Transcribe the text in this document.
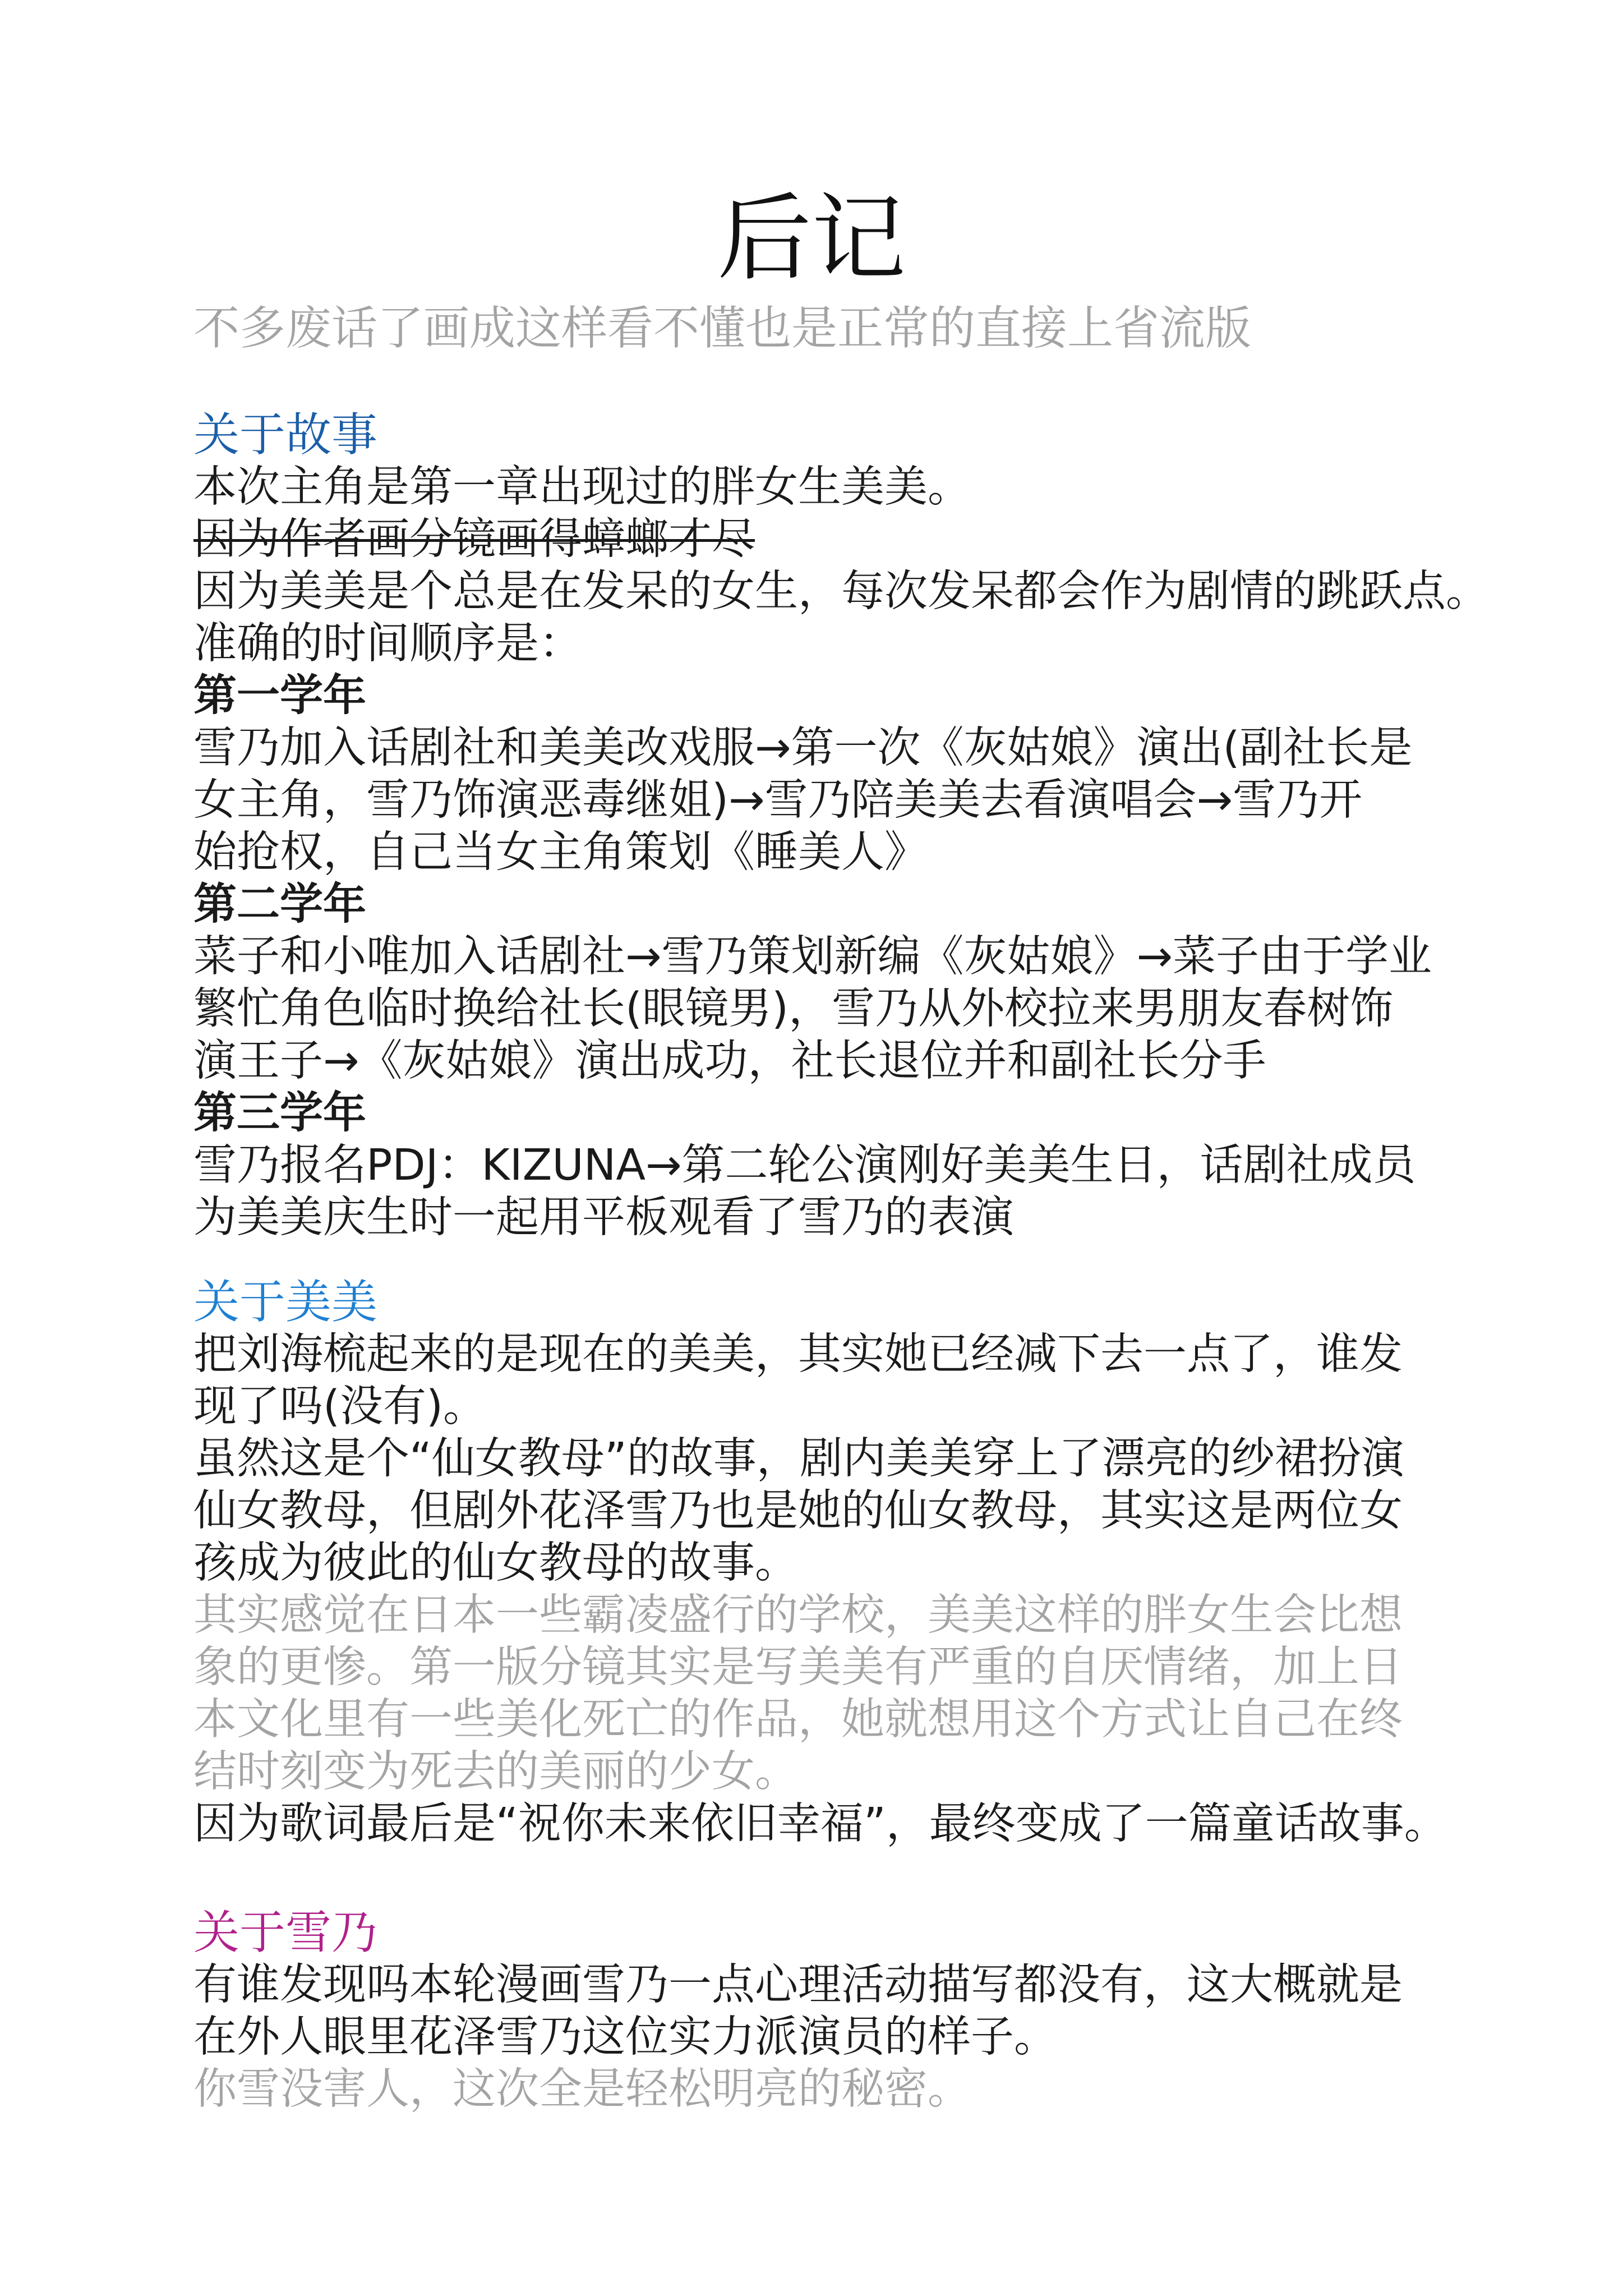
后记
不多废话了画成这样看不懂也是正常的直接上省流版
关于故事
本次主角是第一章出现过的胖女生美美。
因为作者画分镜画得蟑螂才尽
因为美美是个总是在发呆的女生，每次发呆都会作为剧情的跳跃点。
准确的时间顺序是：
第一学年
雪乃加入话剧社和美美改戏服→第一次《灰姑娘》演出(副社长是
女主角，雪乃饰演恶毒继姐)→雪乃陪美美去看演唱会→雪乃开
始抢权，自己当女主角策划《睡美人》
第二学年
菜子和小唯加入话剧社→雪乃策划新编《灰姑娘》→菜子由于学业
繁忙角色临时换给社长(眼镜男)，雪乃从外校拉来男朋友春树饰
演王子→《灰姑娘》演出成功，社长退位并和副社长分手
第三学年
雪乃报名PDJ：KIZUNA→第二轮公演刚好美美生日，话剧社成员
为美美庆生时一起用平板观看了雪乃的表演
关于美美
把刘海梳起来的是现在的美美，其实她已经减下去一点了，谁发
现了吗(没有)。
虽然这是个“仙女教母”的故事，剧内美美穿上了漂亮的纱裙扮演
仙女教母，但剧外花泽雪乃也是她的仙女教母，其实这是两位女
孩成为彼此的仙女教母的故事。
其实感觉在日本一些霸凌盛行的学校，美美这样的胖女生会比想
象的更惨。第一版分镜其实是写美美有严重的自厌情绪，加上日
本文化里有一些美化死亡的作品，她就想用这个方式让自己在终
结时刻变为死去的美丽的少女。
因为歌词最后是“祝你未来依旧幸福”，最终变成了一篇童话故事。
关于雪乃
有谁发现吗本轮漫画雪乃一点心理活动描写都没有，这大概就是
在外人眼里花泽雪乃这位实力派演员的样子。
你雪没害人，这次全是轻松明亮的秘密。
